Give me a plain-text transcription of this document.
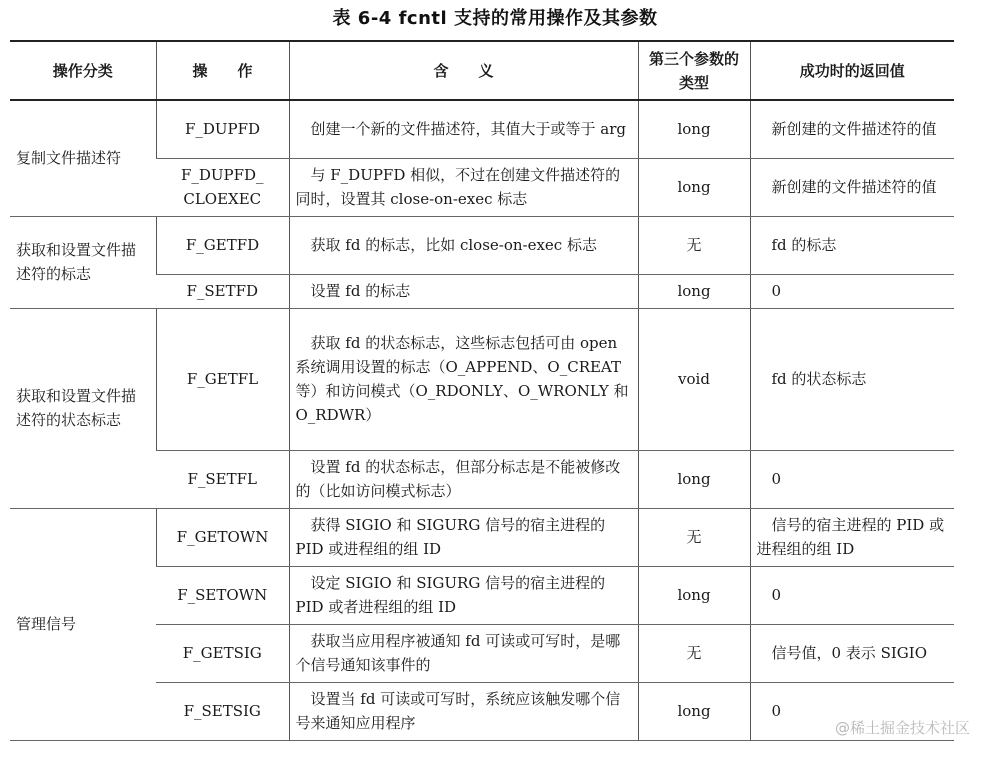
表 6-4 fcntl 支持的常用操作及其参数
操作分类	操　　作	含　　义	第三个参数的类型	成功时的返回值
复制文件描述符	F_DUPFD	　创建一个新的文件描述符，其值大于或等于 arg	long	　新创建的文件描述符的值
	F_DUPFD_ CLOEXEC	　与 F_DUPFD 相似，不过在创建文件描述符的同时，设置其 close-on-exec 标志	long	　新创建的文件描述符的值
获取和设置文件描述符的标志	F_GETFD	　获取 fd 的标志，比如 close-on-exec 标志	无	　fd 的标志
	F_SETFD	　设置 fd 的标志	long	　0
获取和设置文件描述符的状态标志	F_GETFL	　获取 fd 的状态标志，这些标志包括可由 open 系统调用设置的标志（O_APPEND、O_CREAT 等）和访问模式（O_RDONLY、O_WRONLY 和 O_RDWR）	void	　fd 的状态标志
	F_SETFL	　设置 fd 的状态标志，但部分标志是不能被修改的（比如访问模式标志）	long	　0
管理信号	F_GETOWN	　获得 SIGIO 和 SIGURG 信号的宿主进程的 PID 或进程组的组 ID	无	　信号的宿主进程的 PID 或进程组的组 ID
	F_SETOWN	　设定 SIGIO 和 SIGURG 信号的宿主进程的 PID 或者进程组的组 ID	long	　0
	F_GETSIG	　获取当应用程序被通知 fd 可读或可写时，是哪个信号通知该事件的	无	　信号值，0 表示 SIGIO
	F_SETSIG	　设置当 fd 可读或可写时，系统应该触发哪个信号来通知应用程序	long	　0
@稀土掘金技术社区
